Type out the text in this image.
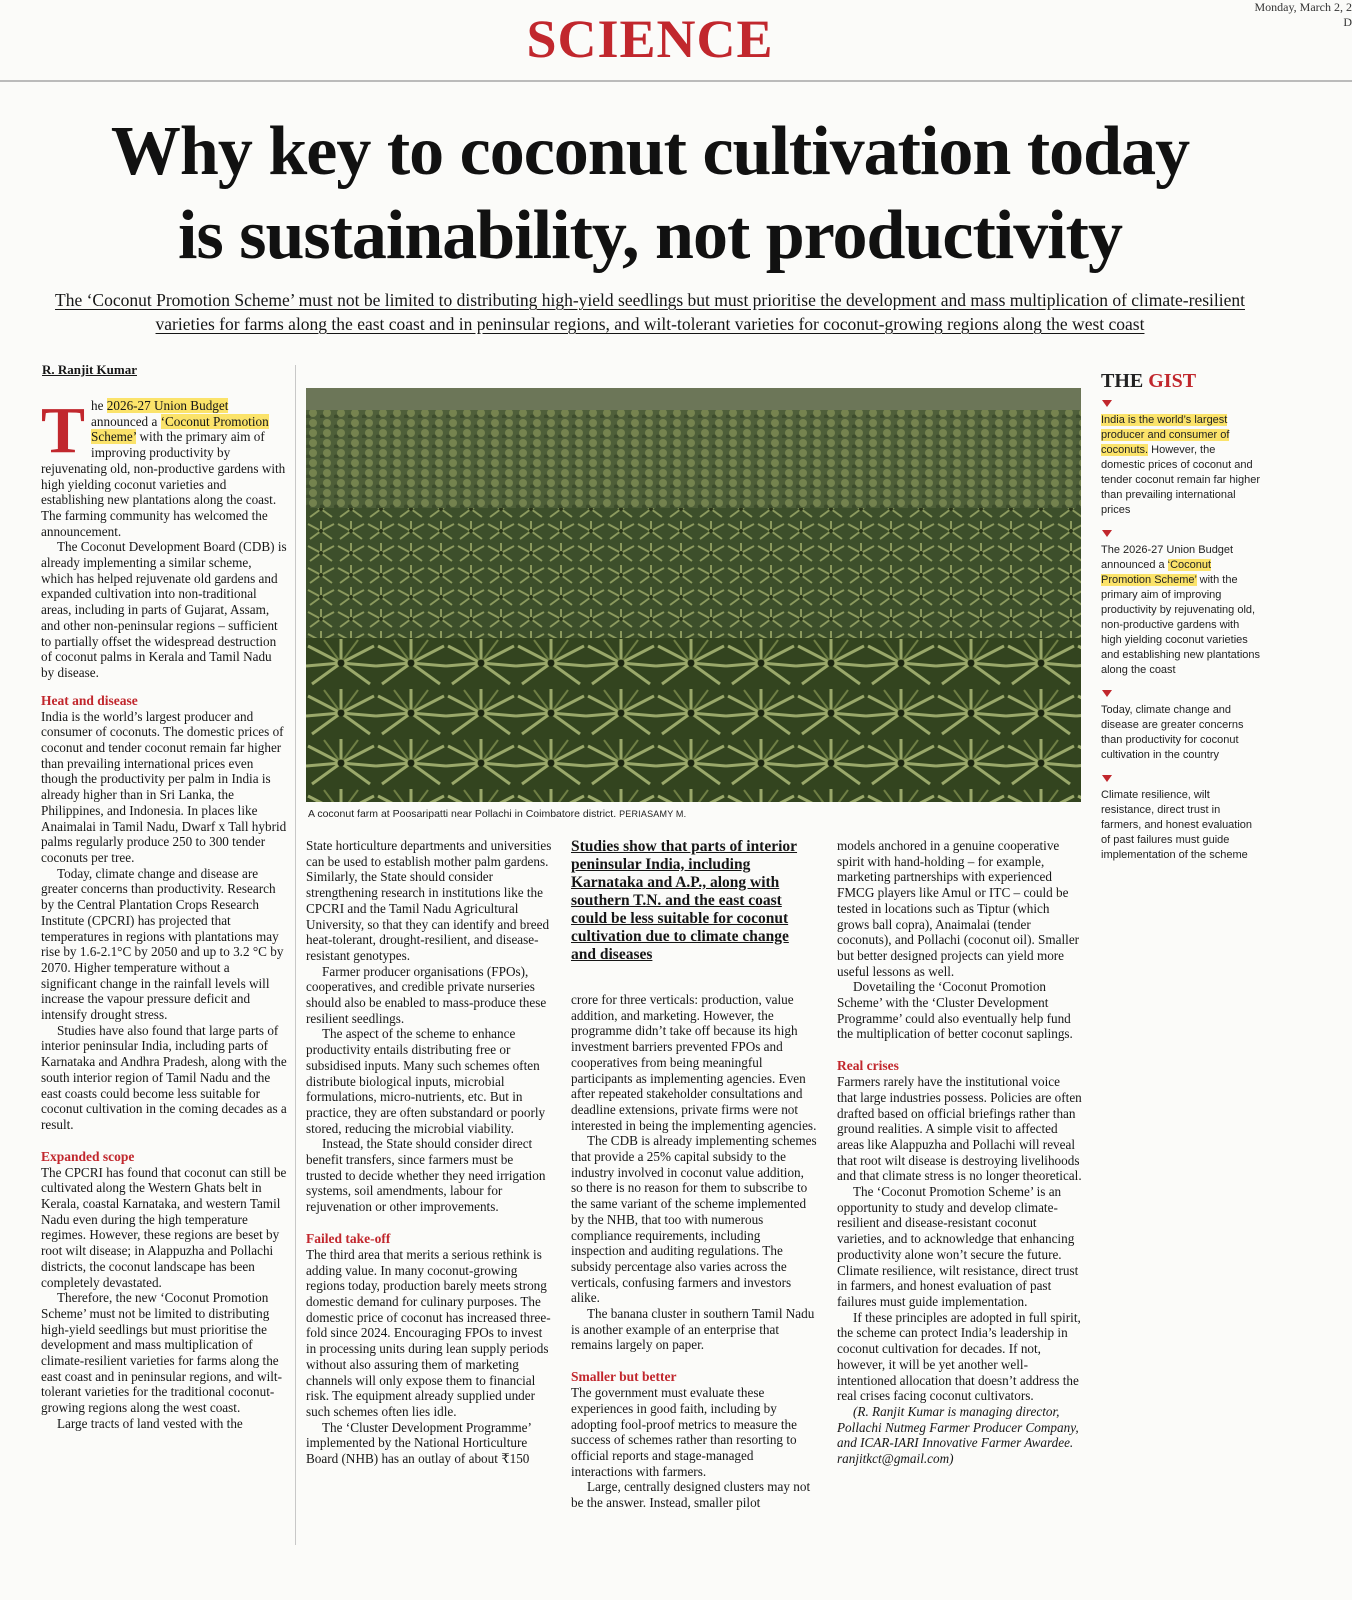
Monday, March 2, 2
D
SCIENCE
Why key to coconut cultivation today
is sustainability, not productivity
The ‘Coconut Promotion Scheme’ must not be limited to distributing high-yield seedlings but must prioritise the development and mass multiplication of climate-resilient
varieties for farms along the east coast and in peninsular regions, and wilt-tolerant varieties for coconut-growing regions along the west coast
R. Ranjit Kumar

The 2026-27 Union Budget announced a ‘Coconut Promotion Scheme’ with the primary aim of improving productivity by rejuvenating old, non-productive gardens with high yielding coconut varieties and establishing new plantations along the coast. The farming community has welcomed the announcement.

The Coconut Development Board (CDB) is already implementing a similar scheme, which has helped rejuvenate old gardens and expanded cultivation into non-traditional areas, including in parts of Gujarat, Assam, and other non-peninsular regions – sufficient to partially offset the widespread destruction of coconut palms in Kerala and Tamil Nadu by disease.

Heat and disease

India is the world’s largest producer and consumer of coconuts. The domestic prices of coconut and tender coconut remain far higher than prevailing international prices even though the productivity per palm in India is already higher than in Sri Lanka, the Philippines, and Indonesia. In places like Anaimalai in Tamil Nadu, Dwarf x Tall hybrid palms regularly produce 250 to 300 tender coconuts per tree.

Today, climate change and disease are greater concerns than productivity. Research by the Central Plantation Crops Research Institute (CPCRI) has projected that temperatures in regions with plantations may rise by 1.6-2.1°C by 2050 and up to 3.2 °C by 2070. Higher temperature without a significant change in the rainfall levels will increase the vapour pressure deficit and intensify drought stress.

Studies have also found that large parts of interior peninsular India, including parts of Karnataka and Andhra Pradesh, along with the south interior region of Tamil Nadu and the east coasts could become less suitable for coconut cultivation in the coming decades as a result.

Expanded scope

The CPCRI has found that coconut can still be cultivated along the Western Ghats belt in Kerala, coastal Karnataka, and western Tamil Nadu even during the high temperature regimes. However, these regions are beset by root wilt disease; in Alappuzha and Pollachi districts, the coconut landscape has been completely devastated.

Therefore, the new ‘Coconut Promotion Scheme’ must not be limited to distributing high-yield seedlings but must prioritise the development and mass multiplication of climate-resilient varieties for farms along the east coast and in peninsular regions, and wilt-tolerant varieties for the traditional coconut-growing regions along the west coast.

Large tracts of land vested with the

A coconut farm at Poosaripatti near Pollachi in Coimbatore district. PERIASAMY M.

State horticulture departments and universities can be used to establish mother palm gardens. Similarly, the State should consider strengthening research in institutions like the CPCRI and the Tamil Nadu Agricultural University, so that they can identify and breed heat-tolerant, drought-resilient, and disease-resistant genotypes.

Farmer producer organisations (FPOs), cooperatives, and credible private nurseries should also be enabled to mass-produce these resilient seedlings.

The aspect of the scheme to enhance productivity entails distributing free or subsidised inputs. Many such schemes often distribute biological inputs, microbial formulations, micro-nutrients, etc. But in practice, they are often substandard or poorly stored, reducing the microbial viability.

Instead, the State should consider direct benefit transfers, since farmers must be trusted to decide whether they need irrigation systems, soil amendments, labour for rejuvenation or other improvements.

Failed take-off

The third area that merits a serious rethink is adding value. In many coconut-growing regions today, production barely meets strong domestic demand for culinary purposes. The domestic price of coconut has increased three-fold since 2024. Encouraging FPOs to invest in processing units during lean supply periods without also assuring them of marketing channels will only expose them to financial risk. The equipment already supplied under such schemes often lies idle.

The ‘Cluster Development Programme’ implemented by the National Horticulture Board (NHB) has an outlay of about ₹150

Studies show that parts of interior peninsular India, including Karnataka and A.P., along with southern T.N. and the east coast could be less suitable for coconut cultivation due to climate change and diseases

crore for three verticals: production, value addition, and marketing. However, the programme didn’t take off because its high investment barriers prevented FPOs and cooperatives from being meaningful participants as implementing agencies. Even after repeated stakeholder consultations and deadline extensions, private firms were not interested in being the implementing agencies.

The CDB is already implementing schemes that provide a 25% capital subsidy to the industry involved in coconut value addition, so there is no reason for them to subscribe to the same variant of the scheme implemented by the NHB, that too with numerous compliance requirements, including inspection and auditing regulations. The subsidy percentage also varies across the verticals, confusing farmers and investors alike.

The banana cluster in southern Tamil Nadu is another example of an enterprise that remains largely on paper.

Smaller but better

The government must evaluate these experiences in good faith, including by adopting fool-proof metrics to measure the success of schemes rather than resorting to official reports and stage-managed interactions with farmers.

Large, centrally designed clusters may not be the answer. Instead, smaller pilot

models anchored in a genuine cooperative spirit with hand-holding – for example, marketing partnerships with experienced FMCG players like Amul or ITC – could be tested in locations such as Tiptur (which grows ball copra), Anaimalai (tender coconuts), and Pollachi (coconut oil). Smaller but better designed projects can yield more useful lessons as well.

Dovetailing the ‘Coconut Promotion Scheme’ with the ‘Cluster Development Programme’ could also eventually help fund the multiplication of better coconut saplings.

Real crises

Farmers rarely have the institutional voice that large industries possess. Policies are often drafted based on official briefings rather than ground realities. A simple visit to affected areas like Alappuzha and Pollachi will reveal that root wilt disease is destroying livelihoods and that climate stress is no longer theoretical.

The ‘Coconut Promotion Scheme’ is an opportunity to study and develop climate-resilient and disease-resistant coconut varieties, and to acknowledge that enhancing productivity alone won’t secure the future. Climate resilience, wilt resistance, direct trust in farmers, and honest evaluation of past failures must guide implementation.

If these principles are adopted in full spirit, the scheme can protect India’s leadership in coconut cultivation for decades. If not, however, it will be yet another well-intentioned allocation that doesn’t address the real crises facing coconut cultivators.

(R. Ranjit Kumar is managing director, Pollachi Nutmeg Farmer Producer Company, and ICAR-IARI Innovative Farmer Awardee. ranjitkct@gmail.com)

THE GIST
India is the world’s largest producer and consumer of coconuts. However, the domestic prices of coconut and tender coconut remain far higher than prevailing international prices
The 2026-27 Union Budget announced a ‘Coconut Promotion Scheme’ with the primary aim of improving productivity by rejuvenating old, non-productive gardens with high yielding coconut varieties and establishing new plantations along the coast
Today, climate change and disease are greater concerns than productivity for coconut cultivation in the country
Climate resilience, wilt resistance, direct trust in farmers, and honest evaluation of past failures must guide implementation of the scheme
